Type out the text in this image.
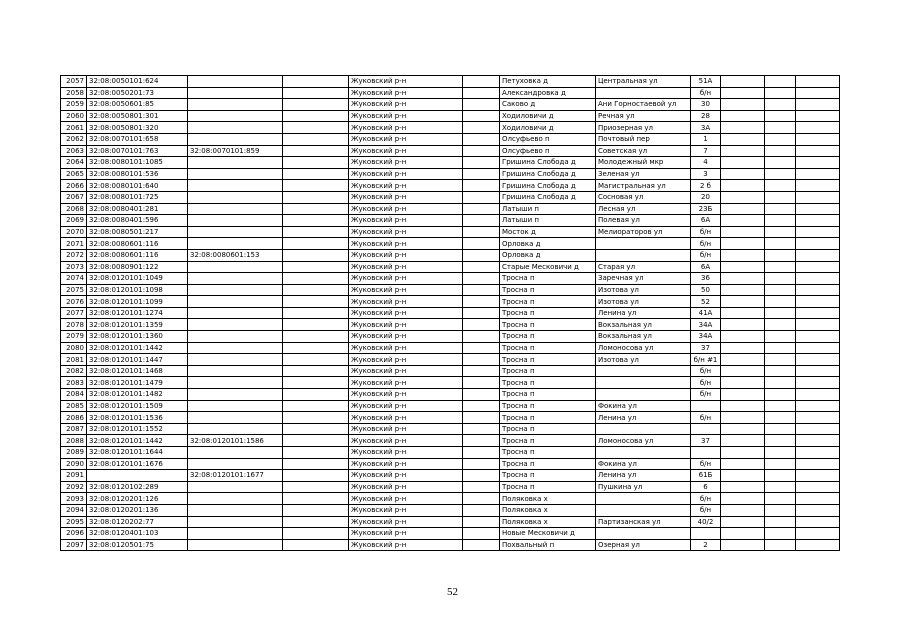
2057	32:08:0050101:624			Жуковский р-н		Петуховка д	Центральная ул	51А			
2058	32:08:0050201:73			Жуковский р-н		Александровка д		б/н			
2059	32:08:0050601:85			Жуковский р-н		Саково д	Ани Горностаевой ул	30			
2060	32:08:0050801:301			Жуковский р-н		Ходиловичи д	Речная ул	28			
2061	32:08:0050801:320			Жуковский р-н		Ходиловичи д	Приозерная ул	3А			
2062	32:08:0070101:658			Жуковский р-н		Олсуфьево п	Почтовый пер	1			
2063	32:08:0070101:763	32:08:0070101:859		Жуковский р-н		Олсуфьево п	Советская ул	7			
2064	32:08:0080101:1085			Жуковский р-н		Гришина Слобода д	Молодежный мкр	4			
2065	32:08:0080101:536			Жуковский р-н		Гришина Слобода д	Зеленая ул	3			
2066	32:08:0080101:640			Жуковский р-н		Гришина Слобода д	Магистральная ул	2 б			
2067	32:08:0080101:725			Жуковский р-н		Гришина Слобода д	Сосновая ул	20			
2068	32:08:0080401:281			Жуковский р-н		Латыши п	Лесная ул	23Б			
2069	32:08:0080401:596			Жуковский р-н		Латыши п	Полевая ул	6А			
2070	32:08:0080501:217			Жуковский р-н		Мосток д	Мелиораторов ул	б/н			
2071	32:08:0080601:116			Жуковский р-н		Орловка д		б/н			
2072	32:08:0080601:116	32:08:0080601:153		Жуковский р-н		Орловка д		б/н			
2073	32:08:0080901:122			Жуковский р-н		Старые Месковичи д	Старая ул	6А			
2074	32:08:0120101:1049			Жуковский р-н		Тросна п	Заречная ул	36			
2075	32:08:0120101:1098			Жуковский р-н		Тросна п	Изотова ул	50			
2076	32:08:0120101:1099			Жуковский р-н		Тросна п	Изотова ул	52			
2077	32:08:0120101:1274			Жуковский р-н		Тросна п	Ленина ул	41А			
2078	32:08:0120101:1359			Жуковский р-н		Тросна п	Вокзальная ул	34А			
2079	32:08:0120101:1360			Жуковский р-н		Тросна п	Вокзальная ул	34А			
2080	32:08:0120101:1442			Жуковский р-н		Тросна п	Ломоносова ул	37			
2081	32:08:0120101:1447			Жуковский р-н		Тросна п	Изотова ул	б/н #1			
2082	32:08:0120101:1468			Жуковский р-н		Тросна п		б/н			
2083	32:08:0120101:1479			Жуковский р-н		Тросна п		б/н			
2084	32:08:0120101:1482			Жуковский р-н		Тросна п		б/н			
2085	32:08:0120101:1509			Жуковский р-н		Тросна п	Фокина ул				
2086	32:08:0120101:1536			Жуковский р-н		Тросна п	Ленина ул	б/н			
2087	32:08:0120101:1552			Жуковский р-н		Тросна п					
2088	32:08:0120101:1442	32:08:0120101:1586		Жуковский р-н		Тросна п	Ломоносова ул	37			
2089	32:08:0120101:1644			Жуковский р-н		Тросна п					
2090	32:08:0120101:1676			Жуковский р-н		Тросна п	Фокина ул	б/н			
2091		32:08:0120101:1677		Жуковский р-н		Тросна п	Ленина ул	61Б			
2092	32:08:0120102:289			Жуковский р-н		Тросна п	Пушкина ул	6			
2093	32:08:0120201:126			Жуковский р-н		Поляковка х		б/н			
2094	32:08:0120201:136			Жуковский р-н		Поляковка х		б/н			
2095	32:08:0120202:77			Жуковский р-н		Поляковка х	Партизанская ул	40/2			
2096	32:08:0120401:103			Жуковский р-н		Новые Месковичи д					
2097	32:08:0120501:75			Жуковский р-н		Похвальный п	Озерная ул	2			
52
